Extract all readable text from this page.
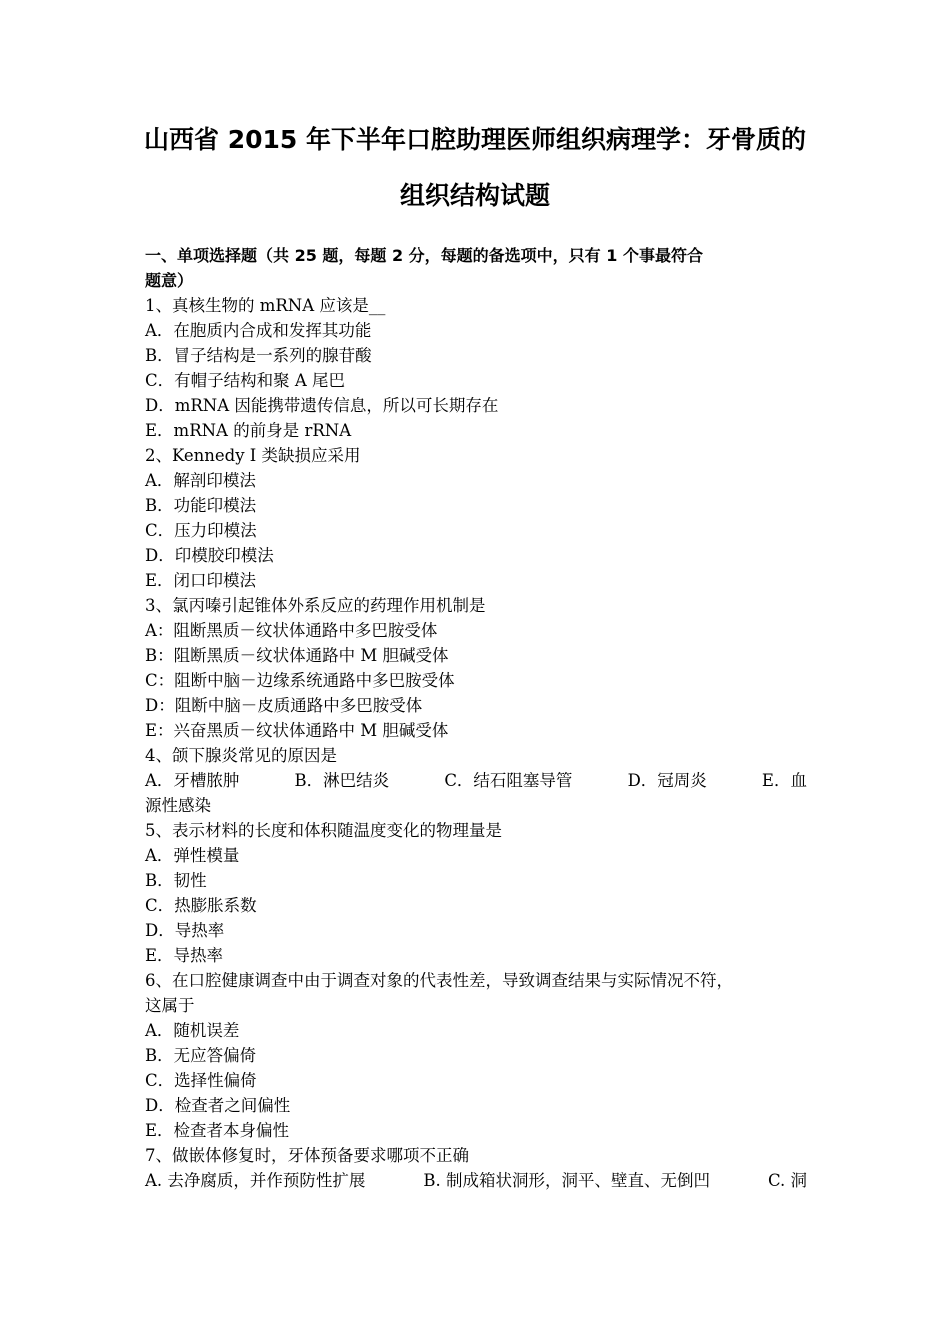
山西省 2015 年下半年口腔助理医师组织病理学：牙骨质的
组织结构试题
一、单项选择题（共 25 题，每题 2 分，每题的备选项中，只有 1 个事最符合
题意）
1、真核生物的 mRNA 应该是__
A．在胞质内合成和发挥其功能
B．冒子结构是一系列的腺苷酸
C．有帽子结构和聚 A 尾巴
D．mRNA 因能携带遗传信息，所以可长期存在
E．mRNA 的前身是 rRNA
2、Kennedy I 类缺损应采用
A．解剖印模法
B．功能印模法
C．压力印模法
D．印模胶印模法
E．闭口印模法
3、氯丙嗪引起锥体外系反应的药理作用机制是
A：阻断黑质－纹状体通路中多巴胺受体
B：阻断黑质－纹状体通路中 M 胆碱受体
C：阻断中脑－边缘系统通路中多巴胺受体
D：阻断中脑－皮质通路中多巴胺受体
E：兴奋黑质－纹状体通路中 M 胆碱受体
4、颌下腺炎常见的原因是
A．牙槽脓肿	B．淋巴结炎	C．结石阻塞导管	D．冠周炎	E．血
源性感染
5、表示材料的长度和体积随温度变化的物理量是
A．弹性模量
B．韧性
C．热膨胀系数
D．导热率
E．导热率
6、在口腔健康调查中由于调查对象的代表性差，导致调查结果与实际情况不符，
这属于
A．随机误差
B．无应答偏倚
C．选择性偏倚
D．检查者之间偏性
E．检查者本身偏性
7、做嵌体修复时，牙体预备要求哪项不正确
A. 去净腐质，并作预防性扩展	B. 制成箱状洞形，洞平、壁直、无倒凹	C. 洞
